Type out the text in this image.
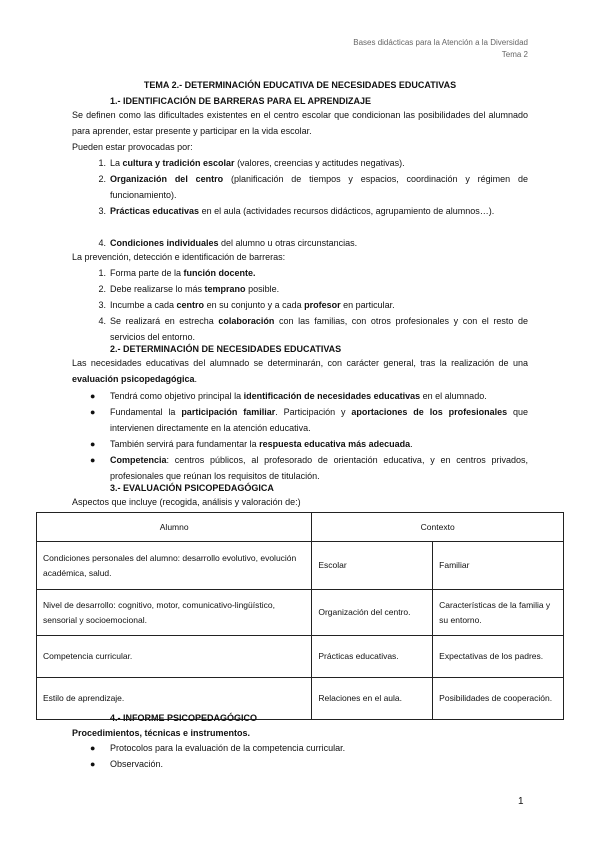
Bases didácticas para la Atención a la Diversidad
Tema 2
TEMA 2.- DETERMINACIÓN EDUCATIVA DE NECESIDADES EDUCATIVAS
1.- IDENTIFICACIÓN DE BARRERAS PARA EL APRENDIZAJE
Se definen como las dificultades existentes en el centro escolar que condicionan las posibilidades del alumnado para aprender, estar presente y participar en la vida escolar.
Pueden estar provocadas por:
1. La cultura y tradición escolar (valores, creencias y actitudes negativas).
2. Organización del centro (planificación de tiempos y espacios, coordinación y régimen de funcionamiento).
3. Prácticas educativas en el aula (actividades recursos didácticos, agrupamiento de alumnos…).
4. Condiciones individuales del alumno u otras circunstancias.
La prevención, detección e identificación de barreras:
1. Forma parte de la función docente.
2. Debe realizarse lo más temprano posible.
3. Incumbe a cada centro en su conjunto y a cada profesor en particular.
4. Se realizará en estrecha colaboración con las familias, con otros profesionales y con el resto de servicios del entorno.
2.- DETERMINACIÓN DE NECESIDADES EDUCATIVAS
Las necesidades educativas del alumnado se determinarán, con carácter general, tras la realización de una evaluación psicopedagógica.
● Tendrá como objetivo principal la identificación de necesidades educativas en el alumnado.
● Fundamental la participación familiar. Participación y aportaciones de los profesionales que intervienen directamente en la atención educativa.
● También servirá para fundamentar la respuesta educativa más adecuada.
● Competencia: centros públicos, al profesorado de orientación educativa, y en centros privados, profesionales que reúnan los requisitos de titulación.
3.- EVALUACIÓN PSICOPEDAGÓGICA
Aspectos que incluye (recogida, análisis y valoración de:)
Alumno	Contexto	
Condiciones personales del alumno: desarrollo evolutivo, evolución académica, salud.	Escolar	Familiar
Nivel de desarrollo: cognitivo, motor, comunicativo-lingüístico, sensorial y socioemocional.	Organización del centro.	Características de la familia y su entorno.
Competencia curricular.	Prácticas educativas.	Expectativas de los padres.
Estilo de aprendizaje.	Relaciones en el aula.	Posibilidades de cooperación.
4.- INFORME PSICOPEDAGÓGICO
Procedimientos, técnicas e instrumentos.
● Protocolos para la evaluación de la competencia curricular.
● Observación.
1
